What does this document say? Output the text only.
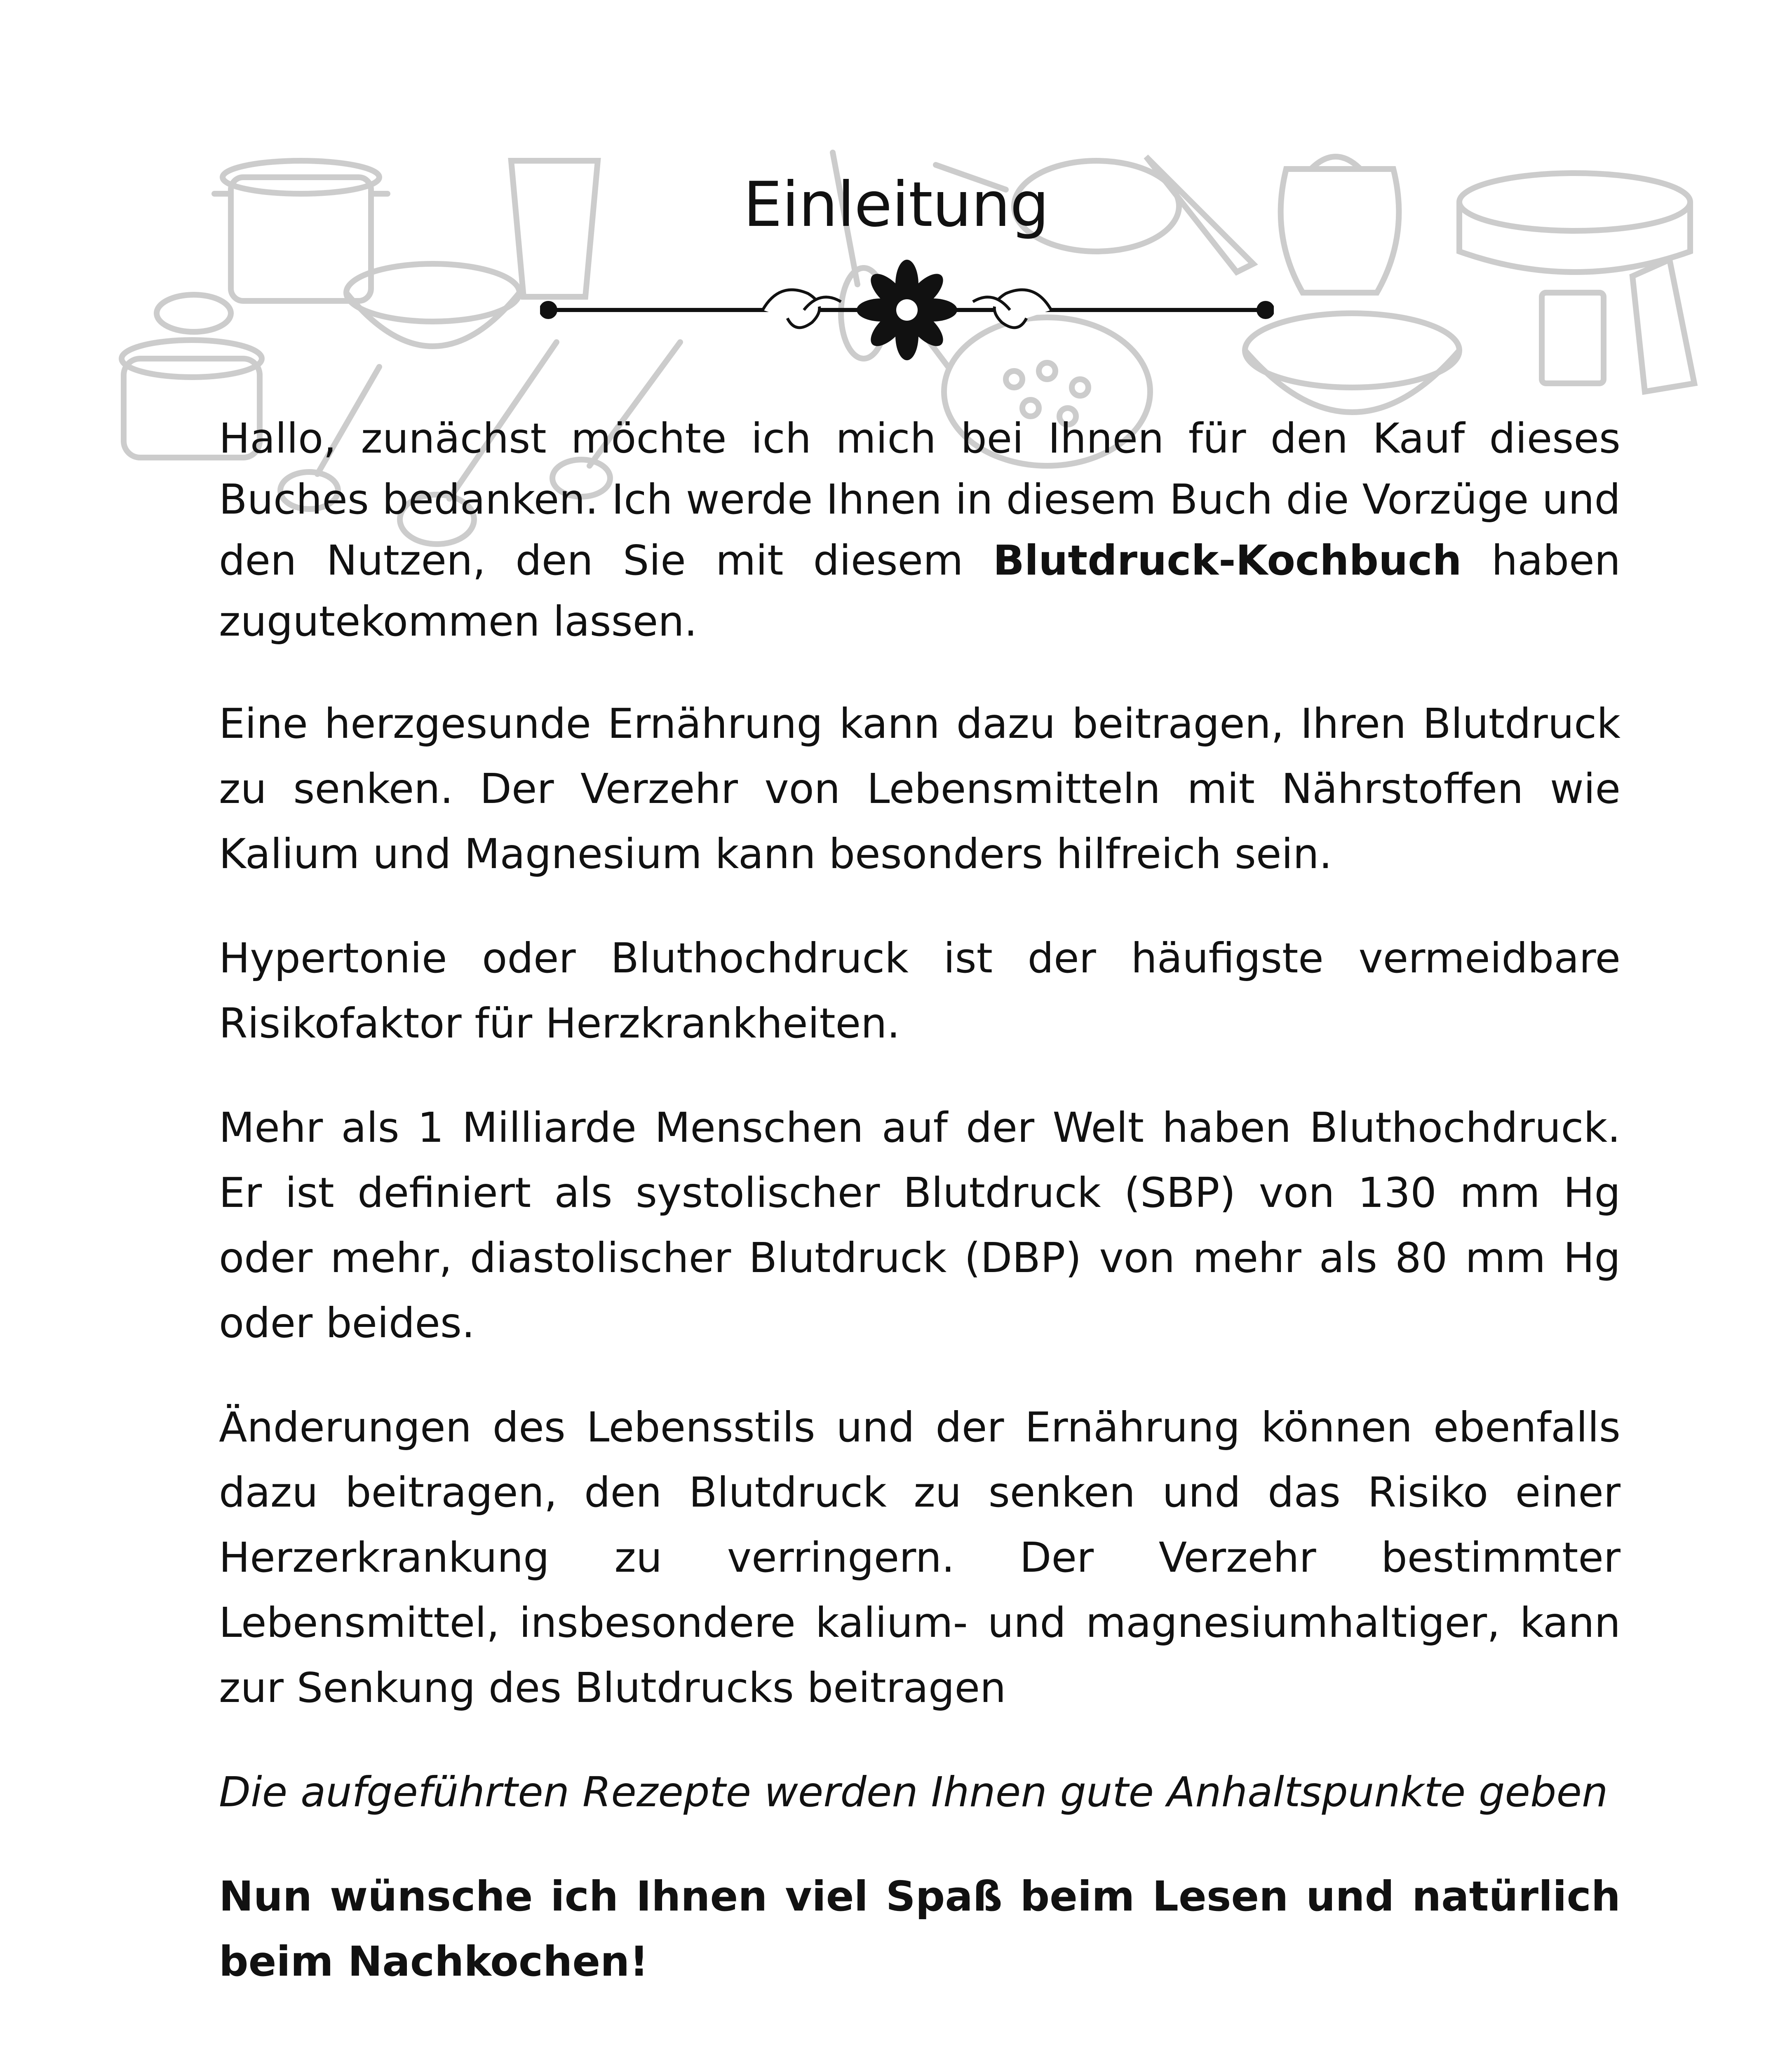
Einleitung

Hallo, zunächst möchte ich mich bei Ihnen für den Kauf dieses Buches bedanken. Ich werde Ihnen in diesem Buch die Vorzüge und den Nutzen, den Sie mit diesem Blutdruck-Kochbuch haben zugutekommen lassen.

Eine herzgesunde Ernährung kann dazu beitragen, Ihren Blutdruck zu senken. Der Verzehr von Lebensmitteln mit Nährstoffen wie Kalium und Magnesium kann besonders hilfreich sein.

Hypertonie oder Bluthochdruck ist der häufigste vermeidbare Risikofaktor für Herzkrankheiten.

Mehr als 1 Milliarde Menschen auf der Welt haben Bluthochdruck. Er ist definiert als systolischer Blutdruck (SBP) von 130 mm Hg oder mehr, diastolischer Blutdruck (DBP) von mehr als 80 mm Hg oder beides.

Änderungen des Lebensstils und der Ernährung können ebenfalls dazu beitragen, den Blutdruck zu senken und das Risiko einer Herzerkrankung zu verringern. Der Verzehr bestimmter Lebensmittel, insbesondere kalium- und magnesiumhaltiger, kann zur Senkung des Blutdrucks beitragen

Die aufgeführten Rezepte werden Ihnen gute Anhaltspunkte geben

Nun wünsche ich Ihnen viel Spaß beim Lesen und natürlich beim Nachkochen!
